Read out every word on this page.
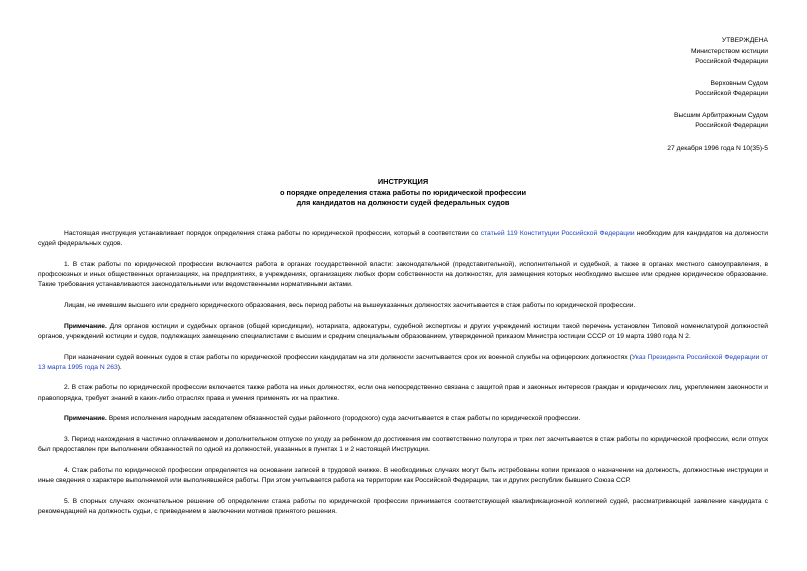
УТВЕРЖДЕНА
Министерством юстиции
Российской Федерации
Верховным Судом
Российской Федерации
Высшим Арбитражным Судом
Российской Федерации
27 декабря 1996 года N 10(35)-5
ИНСТРУКЦИЯ
о порядке определения стажа работы по юридической профессии
для кандидатов на должности судей федеральных судов

Настоящая инструкция устанавливает порядок определения стажа работы по юридической профессии, который в соответствии со статьей 119 Конституции Российской Федерации необходим для кандидатов на должности судей федеральных судов.

1. В стаж работы по юридической профессии включается работа в органах государственной власти: законодательной (представительной), исполнительной и судебной, а также в органах местного самоуправления, в профсоюзных и иных общественных организациях, на предприятиях, в учреждениях, организациях любых форм собственности на должностях, для замещения которых необходимо высшее или среднее юридическое образование. Такие требования устанавливаются законодательными или ведомственными нормативными актами.

Лицам, не имевшим высшего или среднего юридического образования, весь период работы на вышеуказанных должностях засчитывается в стаж работы по юридической профессии.

Примечание. Для органов юстиции и судебных органов (общей юрисдикции), нотариата, адвокатуры, судебной экспертизы и других учреждений юстиции такой перечень установлен Типовой номенклатурой должностей органов, учреждений юстиции и судов, подлежащих замещению специалистами с высшим и средним специальным образованием, утвержденной приказом Министра юстиции СССР от 19 марта 1980 года N 2.

При назначении судей военных судов в стаж работы по юридической профессии кандидатам на эти должности засчитывается срок их военной службы на офицерских должностях (Указ Президента Российской Федерации от 13 марта 1995 года N 263).

2. В стаж работы по юридической профессии включается также работа на иных должностях, если она непосредственно связана с защитой прав и законных интересов граждан и юридических лиц, укреплением законности и правопорядка, требует знаний в каких-либо отраслях права и умения применять их на практике.

Примечание. Время исполнения народным заседателем обязанностей судьи районного (городского) суда засчитывается в стаж работы по юридической профессии.

3. Период нахождения в частично оплачиваемом и дополнительном отпуске по уходу за ребенком до достижения им соответственно полутора и трех лет засчитывается в стаж работы по юридической профессии, если отпуск был предоставлен при выполнении обязанностей по одной из должностей, указанных в пунктах 1 и 2 настоящей Инструкции.

4. Стаж работы по юридической профессии определяется на основании записей в трудовой книжке. В необходимых случаях могут быть истребованы копии приказов о назначении на должность, должностные инструкции и иные сведения о характере выполняемой или выполнявшейся работы. При этом учитывается работа на территории как Российской Федерации, так и других республик бывшего Союза ССР.

5. В спорных случаях окончательное решение об определении стажа работы по юридической профессии принимается соответствующей квалификационной коллегией судей, рассматривающей заявление кандидата с рекомендацией на должность судьи, с приведением в заключении мотивов принятого решения.
